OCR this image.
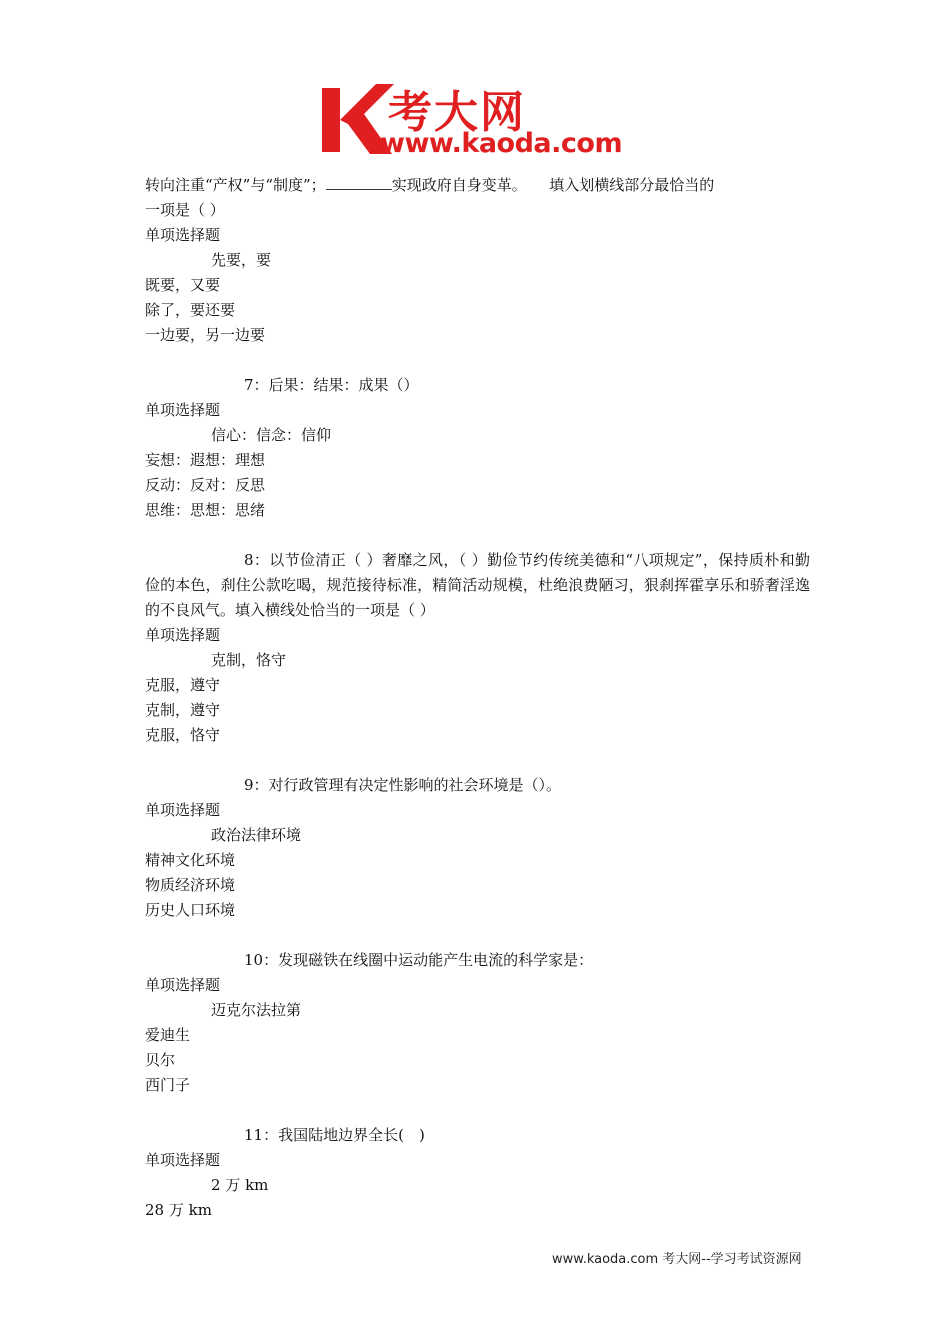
考大网
www.kaoda.com
转向注重“产权”与“制度”；	实现政府自身变革。　　填入划横线部分最恰当的
一项是（ ）
单项选择题
先要，要
既要，又要
除了，要还要
一边要，另一边要
7：后果：结果：成果（）
单项选择题
信心：信念：信仰
妄想：遐想：理想
反动：反对：反思
思维：思想：思绪
8：以节俭清正（ ）奢靡之风，（ ）勤俭节约传统美德和“八项规定”，保持质朴和勤俭的本色，刹住公款吃喝，规范接待标准，精简活动规模，杜绝浪费陋习，狠刹挥霍享乐和骄奢淫逸的不良风气。填入横线处恰当的一项是（ ）
单项选择题
克制，恪守
克服，遵守
克制，遵守
克服，恪守
9：对行政管理有决定性影响的社会环境是（）。
单项选择题
政治法律环境
精神文化环境
物质经济环境
历史人口环境
10：发现磁铁在线圈中运动能产生电流的科学家是：
单项选择题
迈克尔法拉第
爱迪生
贝尔
西门子
11：我国陆地边界全长(　)
单项选择题
2 万 km
28 万 km
www.kaoda.com 考大网--学习考试资源网
